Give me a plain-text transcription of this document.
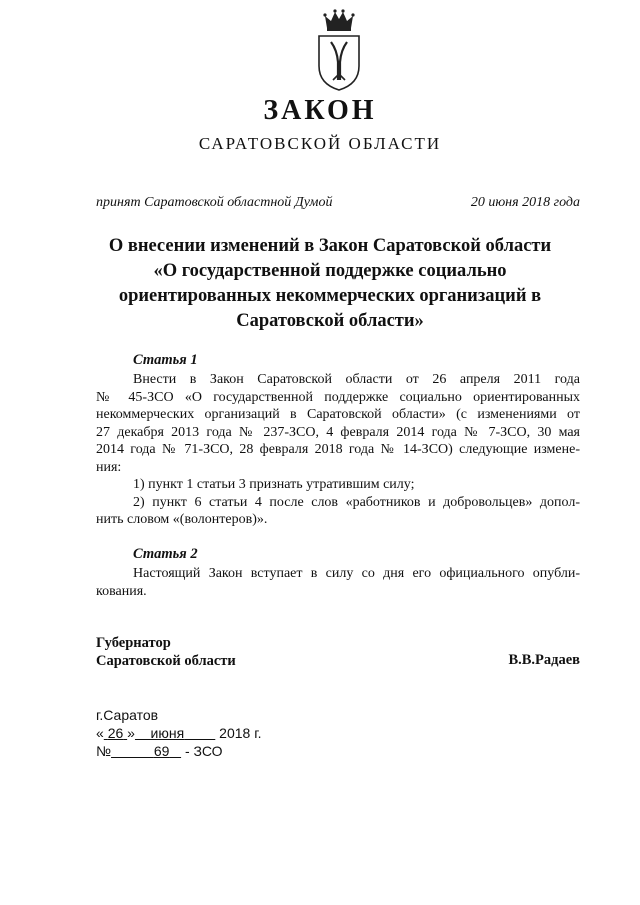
ЗАКОН
САРАТОВСКОЙ ОБЛАСТИ
принят Саратовской областной Думой	20 июня 2018 года
О внесении изменений в Закон Саратовской области
«О государственной поддержке социально
ориентированных некоммерческих организаций в
Саратовской области»
Статья 1
Внести в Закон Саратовской области от 26 апреля 2011 года
№ 45-ЗСО «О государственной поддержке социально ориентированных
некоммерческих организаций в Саратовской области» (с изменениями от
27 декабря 2013 года № 237-ЗСО, 4 февраля 2014 года № 7-ЗСО, 30 мая
2014 года № 71-ЗСО, 28 февраля 2018 года № 14-ЗСО) следующие измене-
ния:
1) пункт 1 статьи 3 признать утратившим силу;
2) пункт 6 статьи 4 после слов «работников и добровольцев» допол-
нить словом «(волонтеров)».
Статья 2
Настоящий Закон вступает в силу со дня его официального опубли-
кования.
Губернатор
Саратовской области	В.В.Радаев
г.Саратов
« 26 » июня	2018 г.
№	69 - ЗСО
